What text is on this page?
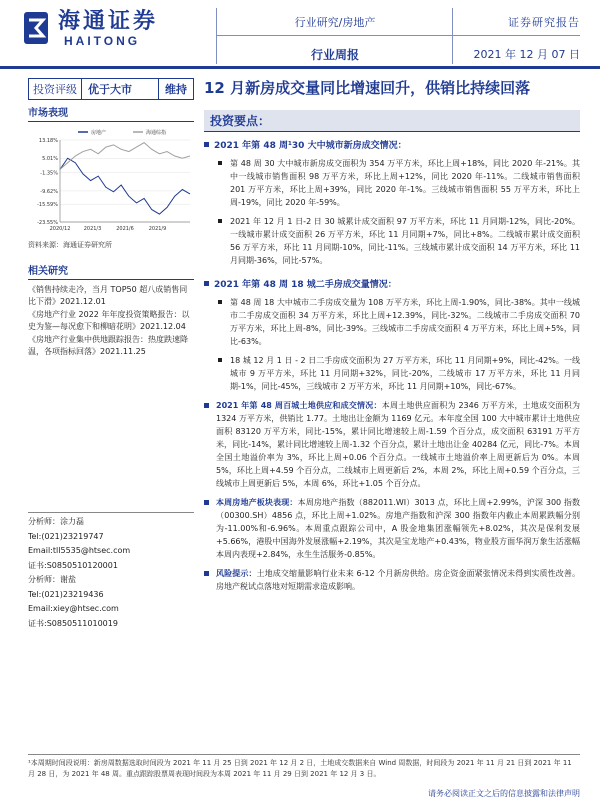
海通证券
HAITONG
行业研究/房地产
行业周报
证券研究报告
2021 年 12 月 07 日
投资评级	优于大市	维持	12 月新房成交量同比增速回升，供销比持续回落
市场表现
房地产	海通综指
13.18%
5.01%
-1.35%
-9.62%
-15.59%
-23.55%
2020/12	2021/3	2021/6	2021/9
资料来源：海通证券研究所
相关研究
《销售持续走冷，当月 TOP50 超八成销售同比下滑》2021.12.01
《房地产行业 2022 年年度投资策略报告：以史为鉴—每况愈下和柳暗花明》2021.12.04
《房地产行业集中供地跟踪报告：热度跌速降温，各项指标回落》2021.11.25
分析师：涂力磊
Tel:(021)23219747
Email:tll5535@htsec.com
证书:S0850510120001
分析师：谢盐
Tel:(021)23219436
Email:xiey@htsec.com
证书:S0850511010019
投资要点：
2021 年第 48 周¹30 大中城市新房成交情况：
第 48 周 30 大中城市新房成交面积为 354 万平方米，环比上周+18%，同比 2020 年-21%。其中一线城市销售面积 98 万平方米，环比上周+12%，同比 2020 年-11%。二线城市销售面积 201 万平方米，环比上周+39%，同比 2020 年-1%。三线城市销售面积 55 万平方米，环比上周-19%，同比 2020 年-59%。
2021 年 12 月 1 日-2 日 30 城累计成交面积 97 万平方米，环比 11 月同期-12%，同比-20%。一线城市累计成交面积 26 万平方米，环比 11 月同期+7%，同比+8%。二线城市累计成交面积 56 万平方米，环比 11 月同期-10%，同比-11%。三线城市累计成交面积 14 万平方米，环比 11 月同期-36%，同比-57%。
2021 年第 48 周 18 城二手房成交量情况：
第 48 周 18 大中城市二手房成交量为 108 万平方米，环比上周-1.90%，同比-38%。其中一线城市二手房成交面积 34 万平方米，环比上周+12.39%，同比-32%。二线城市二手房成交面积 70 万平方米，环比上周-8%，同比-39%。三线城市二手房成交面积 4 万平方米，环比上周+5%，同比-63%。
18 城 12 月 1 日 - 2 日二手房成交面积为 27 万平方米，环比 11 月同期+9%，同比-42%。一线城市 9 万平方米，环比 11 月同期+32%，同比-20%，二线城市 17 万平方米，环比 11 月同期-1%，同比-45%，三线城市 2 万平方米，环比 11 月同期+10%，同比-67%。
2021 年第 48 周百城土地供应和成交情况：本周土地供应面积为 2346 万平方米，土地成交面积为 1324 万平方米，供销比 1.77。土地出让金额为 1169 亿元。本年度全国 100 大中城市累计土地供应面积 83120 万平方米，同比-15%，累计同比增速较上周-1.59 个百分点，成交面积 63191 万平方米，同比-14%，累计同比增速较上周-1.32 个百分点，累计土地出让金 40284 亿元，同比-7%。本周全国土地溢价率为 3%，环比上周+0.06 个百分点。一线城市土地溢价率上周更新后为 0%。本周 5%，环比上周+4.59 个百分点，二线城市上周更新后 2%，本周 2%，环比上周+0.59 个百分点，三线城市上周更新后 5%，本周 6%，环比+1.05 个百分点。
本周房地产板块表现：本周房地产指数（882011.WI）3013 点，环比上周+2.99%，沪深 300 指数（00300.SH）4856 点，环比上周+1.02%。房地产指数和沪深 300 指数年内截止本周累跌幅分别为-11.00%和-6.96%。本周重点跟踪公司中，A 股金地集团涨幅领先+8.02%，其次是保利发展+5.66%，港股中国海外发展涨幅+2.19%，其次是宝龙地产+0.43%，物业股方面华润万象生活涨幅本周内表现+2.84%，永生生活服务-0.85%。
风险提示：土地成交缩量影响行业未来 6-12 个月新房供给。房企资金面紧张情况未得到实质性改善。房地产税试点落地对短期需求造成影响。
¹本周期时间段说明：新房周数据选取时间段为 2021 年 11 月 25 日到 2021 年 12 月 2 日，土地成交数据来自 Wind 周数据，时间段为 2021 年 11 月 21 日到 2021 年 11 月 28 日，为 2021 年 48 周。重点跟踪股票周表现时间段为本周 2021 年 11 月 29 日到 2021 年 12 月 3 日。
请务必阅读正文之后的信息披露和法律声明
